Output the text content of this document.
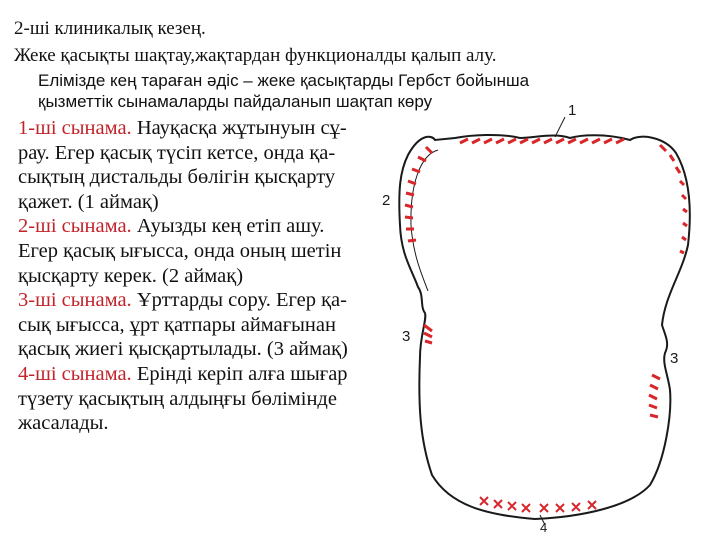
2-ші клиникалық кезең.
Жеке қасықты шақтау,жақтардан функционалды қалып алу.
Елімізде кең тараған әдіс – жеке қасықтарды Гербст бойынша
қызметтік сынамаларды пайдаланып шақтап көру	1
2
3
3
4
1-ші сынама. Науқасқа жұтынуын сұ-
рау. Егер қасық түсіп кетсе, онда қа-
сықтың дистальды бөлігін қысқарту
қажет. (1 аймақ)
2-ші сынама. Ауызды кең етіп ашу.
Егер қасық ығысса, онда оның шетін
қысқарту керек. (2 аймақ)
3-ші сынама. Ұрттарды сору. Егер қа-
сық ығысса, ұрт қатпары аймағынан
қасық жиегі қысқартылады. (3 аймақ)
4-ші сынама. Ерінді керіп алға шығар
түзету қасықтың алдыңғы бөлімінде
жасалады.
